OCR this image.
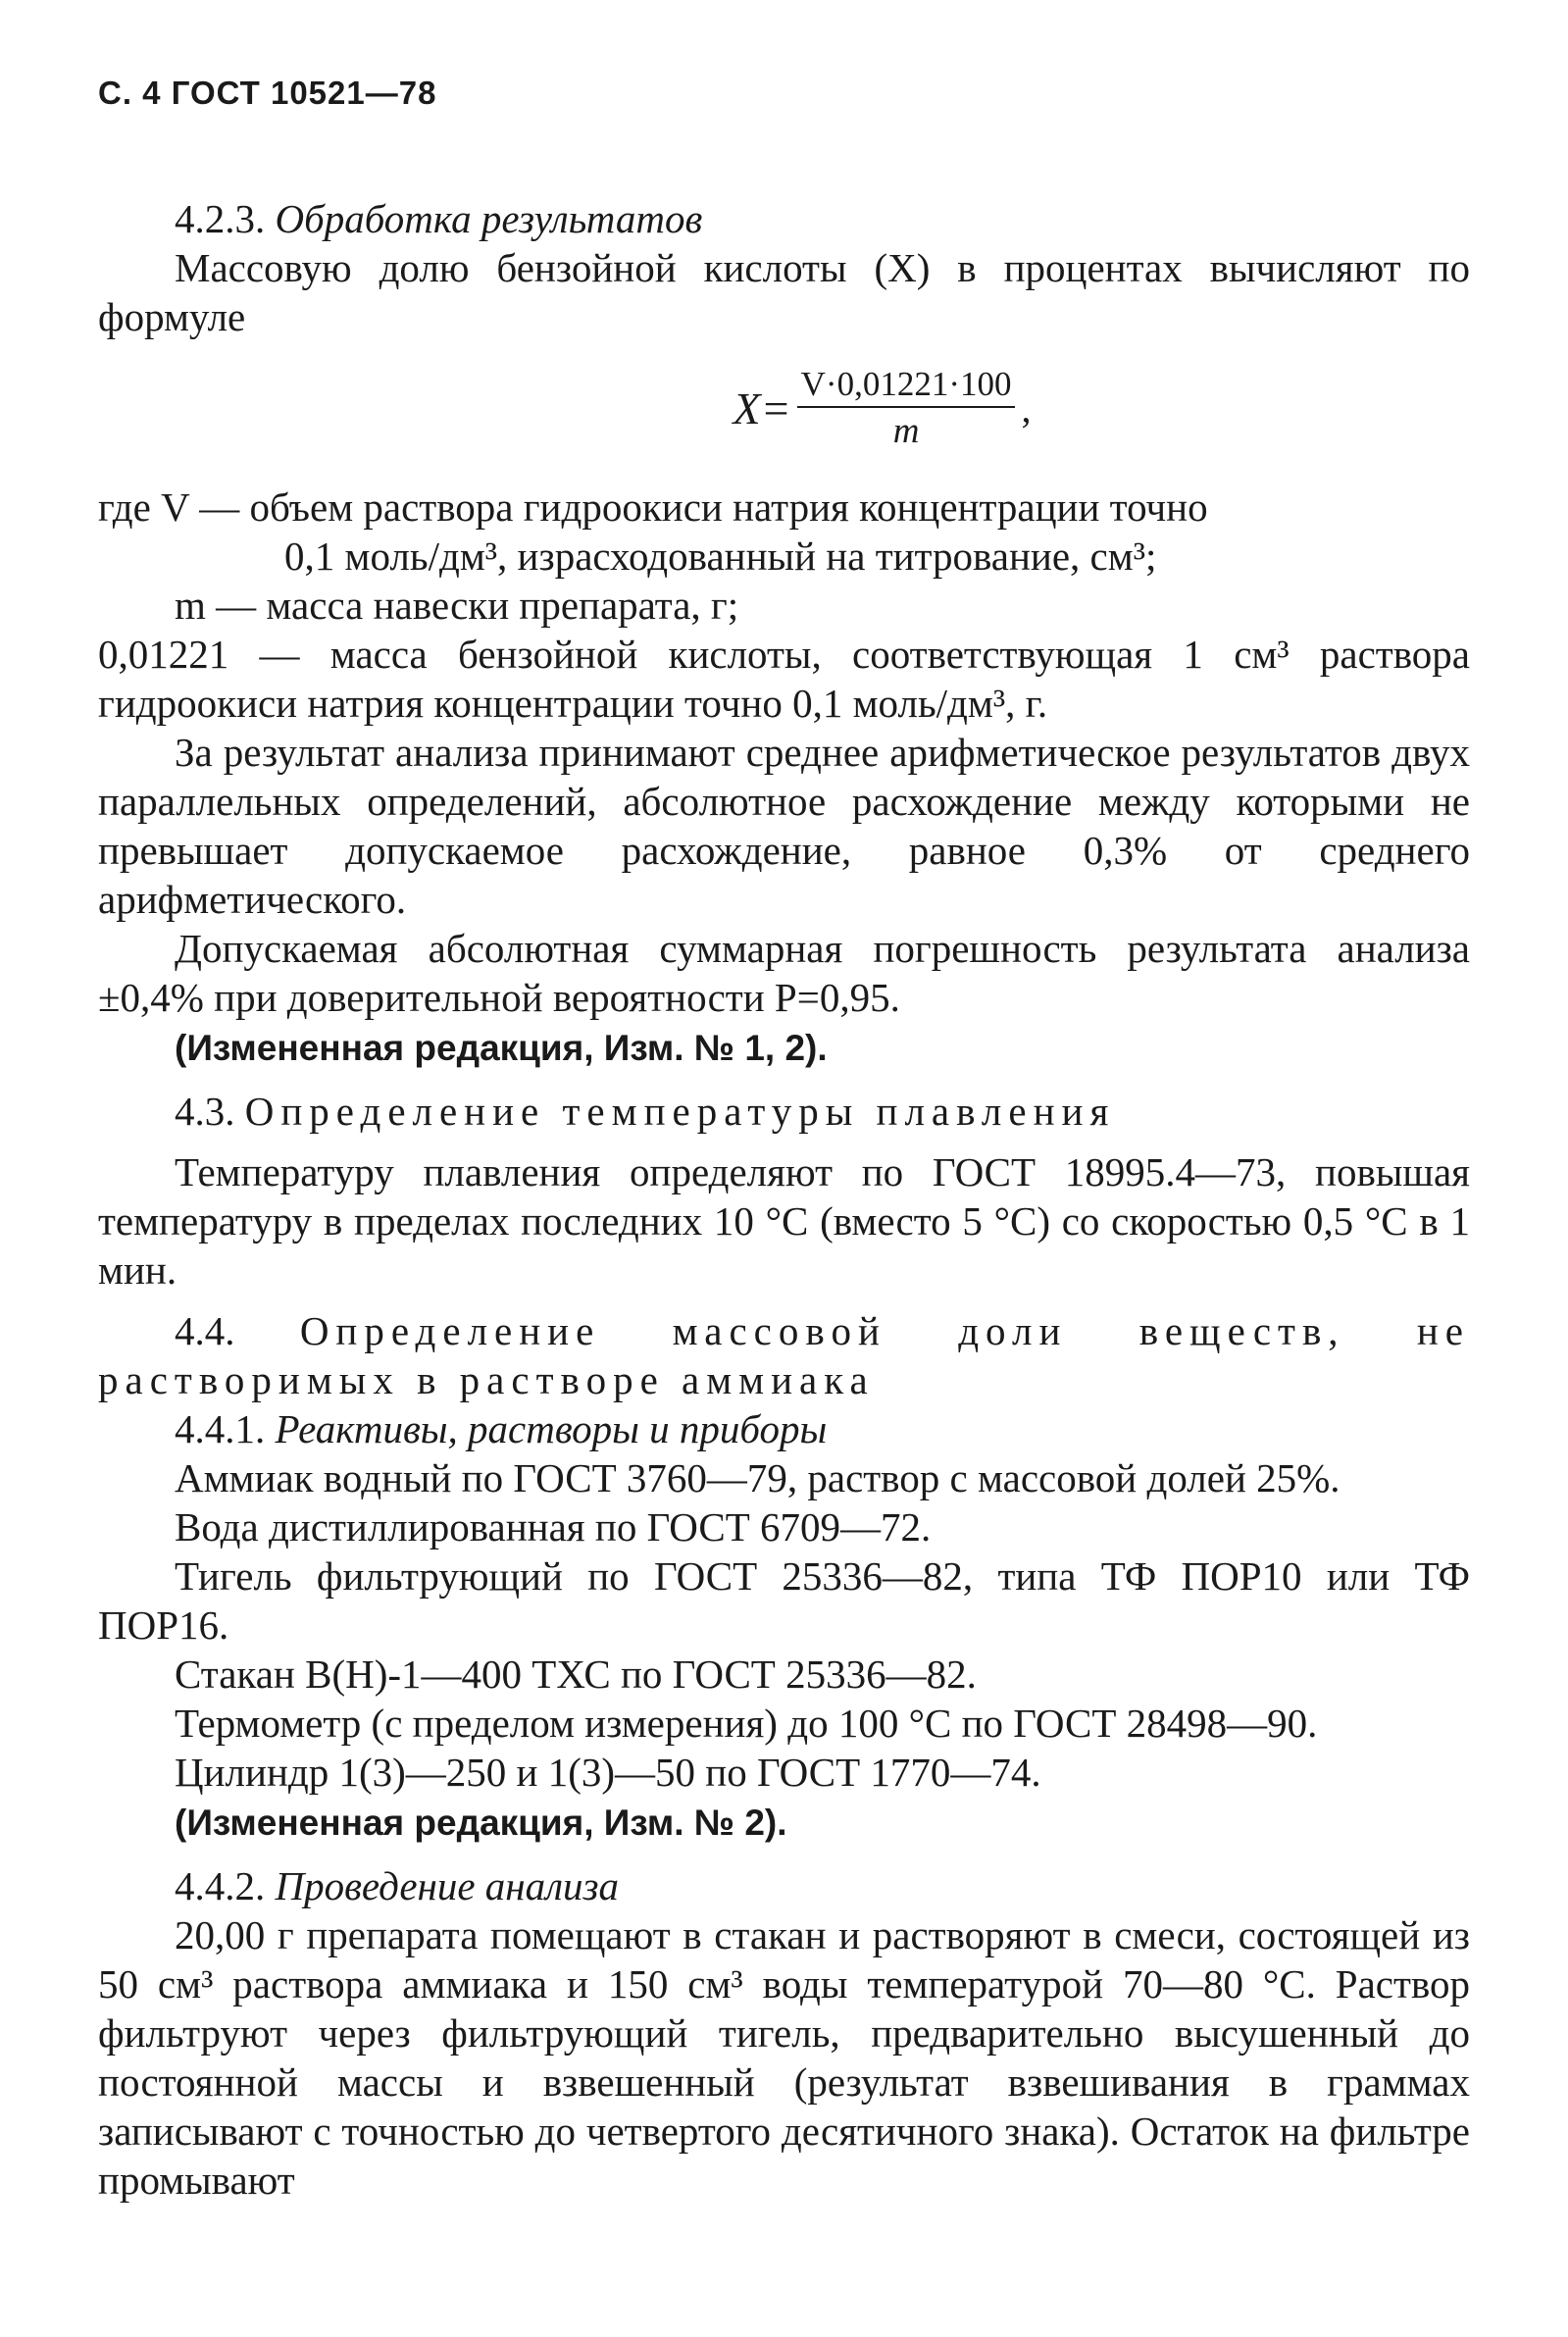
С. 4 ГОСТ 10521—78

4.2.3. Обработка результатов

Массовую долю бензойной кислоты (X) в процентах вычисляют по формуле

$X= \frac{V\cdot 0,01221\cdot 100}{m}$ ,

где V — объем раствора гидроокиси натрия концентрации точно

0,1 моль/дм³, израсходованный на титрование, см³;

m — масса навески препарата, г;

0,01221 — масса бензойной кислоты, соответствующая 1 см³ раствора гидроокиси натрия концентрации точно 0,1 моль/дм³, г.

За результат анализа принимают среднее арифметическое результатов двух параллельных определений, абсолютное расхождение между которыми не превышает допускаемое расхождение, равное 0,3% от среднего арифметического.

Допускаемая абсолютная суммарная погрешность результата анализа ±0,4% при доверительной вероятности P=0,95.

(Измененная редакция, Изм. № 1, 2).

4.3. Определение температуры плавления

Температуру плавления определяют по ГОСТ 18995.4—73, повышая температуру в пределах последних 10 °С (вместо 5 °С) со скоростью 0,5 °С в 1 мин.

4.4. Определение массовой доли веществ, не растворимых в растворе аммиака

4.4.1. Реактивы, растворы и приборы

Аммиак водный по ГОСТ 3760—79, раствор с массовой долей 25%.

Вода дистиллированная по ГОСТ 6709—72.

Тигель фильтрующий по ГОСТ 25336—82, типа ТФ ПОР10 или ТФ ПОР16.

Стакан В(Н)-1—400 ТХС по ГОСТ 25336—82.

Термометр (с пределом измерения) до 100 °С по ГОСТ 28498—90.

Цилиндр 1(3)—250 и 1(3)—50 по ГОСТ 1770—74.

(Измененная редакция, Изм. № 2).

4.4.2. Проведение анализа

20,00 г препарата помещают в стакан и растворяют в смеси, состоящей из 50 см³ раствора аммиака и 150 см³ воды температурой 70—80 °С. Раствор фильтруют через фильтрующий тигель, предварительно высушенный до постоянной массы и взвешенный (результат взвешивания в граммах записывают с точностью до четвертого десятичного знака). Остаток на фильтре промывают
